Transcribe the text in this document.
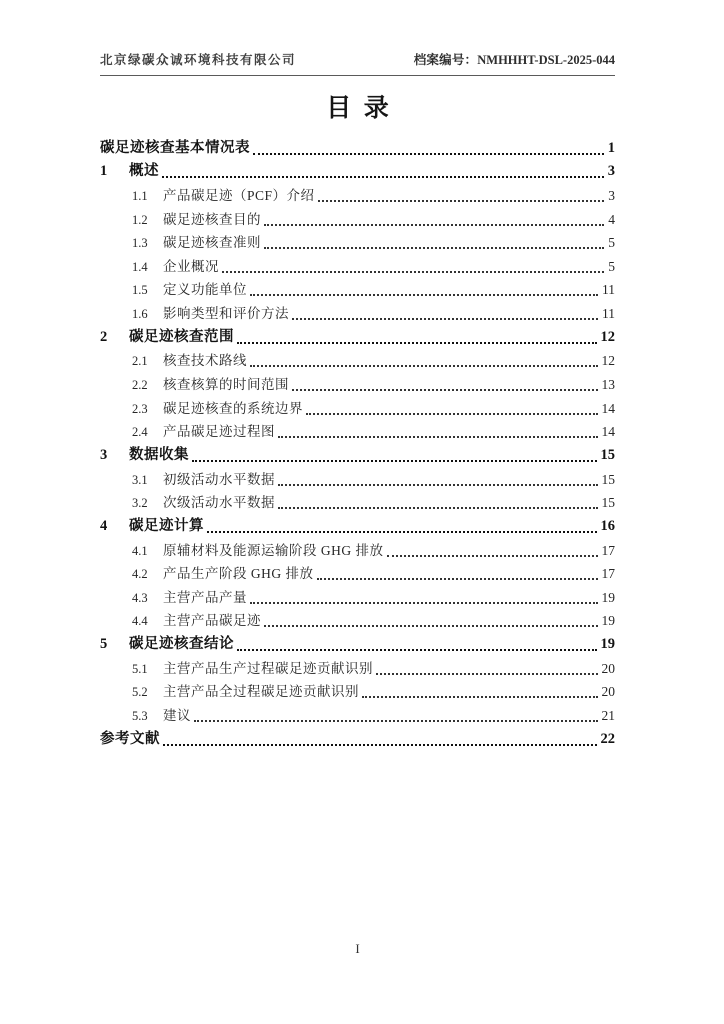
北京绿碳众诚环境科技有限公司	档案编号：NMHHHT-DSL-2025-044
目  录
碳足迹核查基本情况表	1
1	概述	3
1.1	产品碳足迹（PCF）介绍	3
1.2	碳足迹核查目的	4
1.3	碳足迹核查准则	5
1.4	企业概况	5
1.5	定义功能单位	11
1.6	影响类型和评价方法	11
2	碳足迹核查范围	12
2.1	核查技术路线	12
2.2	核查核算的时间范围	13
2.3	碳足迹核查的系统边界	14
2.4	产品碳足迹过程图	14
3	数据收集	15
3.1	初级活动水平数据	15
3.2	次级活动水平数据	15
4	碳足迹计算	16
4.1	原辅材料及能源运输阶段 GHG 排放	17
4.2	产品生产阶段 GHG 排放	17
4.3	主营产品产量	19
4.4	主营产品碳足迹	19
5	碳足迹核查结论	19
5.1	主营产品生产过程碳足迹贡献识别	20
5.2	主营产品全过程碳足迹贡献识别	20
5.3	建议	21
参考文献	22
I
